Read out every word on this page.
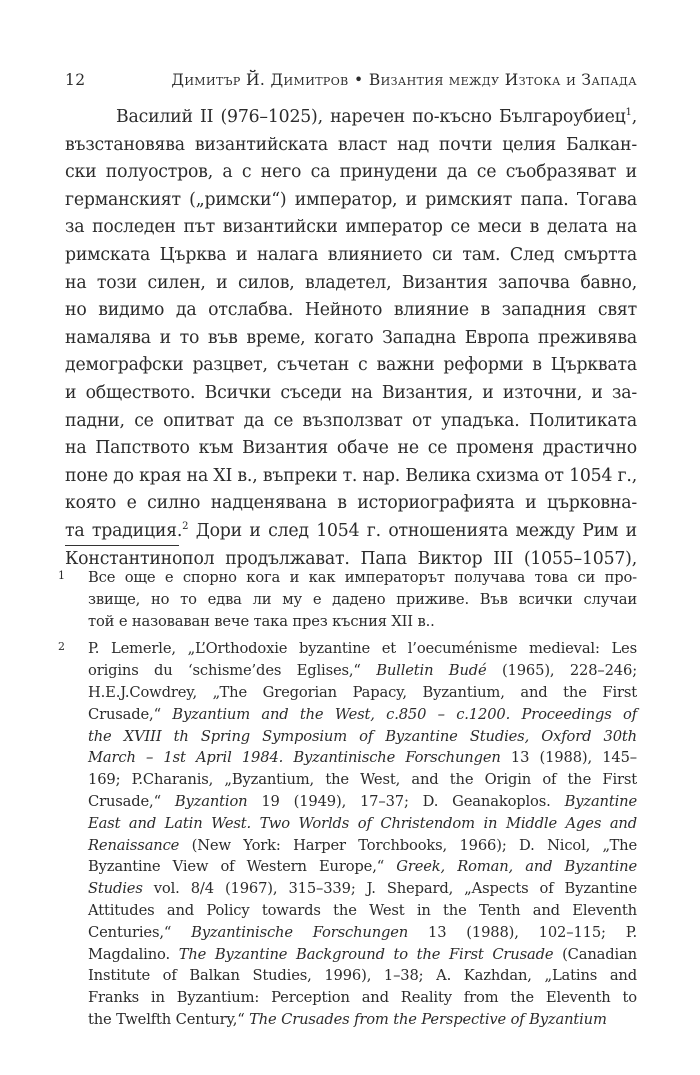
12	Димитър Й. Димитров • Византия между Изтока и Запада
Василий II (976–1025), наречен по-късно Българоубиец$^1$,
възстановява византийската власт над почти целия Балкан-
ски полуостров, а с него са принудени да се съобразяват и
германският („римски“) император, и римският папа. Тогава
за последен път византийски император се меси в делата на
римската Църква и налага влиянието си там. След смъртта
на този силен, и силов, владетел, Византия започва бавно,
но видимо да отслабва. Нейното влияние в западния свят
намалява и то във време, когато Западна Европа преживява
демографски разцвет, съчетан с важни реформи в Църквата
и обществото. Всички съседи на Византия, и източни, и за-
падни, се опитват да се възползват от упадъка. Политиката
на Папството към Византия обаче не се променя драстично
поне до края на XI в., въпреки т. нар. Велика схизма от 1054 г.,
която е силно надценявана в историографията и църковна-
та традиция.$^2$ Дори и след 1054 г. отношенията между Рим и
Константинопол продължават. Папа Виктор III (1055–1057),
1	Все още е спорно кога и как императорът получава това си про-
звище, но то едва ли му е дадено приживе. Във всички случаи
той е назоваван вече така през късния XII в..
2	P. Lemerle, „L’Orthodoxie byzantine et l’oecuménisme medieval: Les
origins du ‘schisme’des Eglises,“ Bulletin Budé (1965), 228–246;
H.E.J.Cowdrey, „The Gregorian Papacy, Byzantium, and the First
Crusade,“ Byzantium and the West, c.850 – c.1200. Proceedings of
the XVIII th Spring Symposium of Byzantine Studies, Oxford 30th
March – 1st April 1984. Byzantinische Forschungen 13 (1988), 145–
169; P.Charanis, „Byzantium, the West, and the Origin of the First
Crusade,“ Byzantion 19 (1949), 17–37; D. Geanakoplos. Byzantine
East and Latin West. Two Worlds of Christendom in Middle Ages and
Renaissance (New York: Harper Torchbooks, 1966); D. Nicol, „The
Byzantine View of Western Europe,“ Greek, Roman, and Byzantine
Studies vol. 8/4 (1967), 315–339; J. Shepard, „Aspects of Byzantine
Attitudes and Policy towards the West in the Tenth and Eleventh
Centuries,“ Byzantinische Forschungen 13 (1988), 102–115; P.
Magdalino. The Byzantine Background to the First Crusade (Canadian
Institute of Balkan Studies, 1996), 1–38; A. Kazhdan, „Latins and
Franks in Byzantium: Perception and Reality from the Eleventh to
the Twelfth Century,“ The Crusades from the Perspective of Byzantium
